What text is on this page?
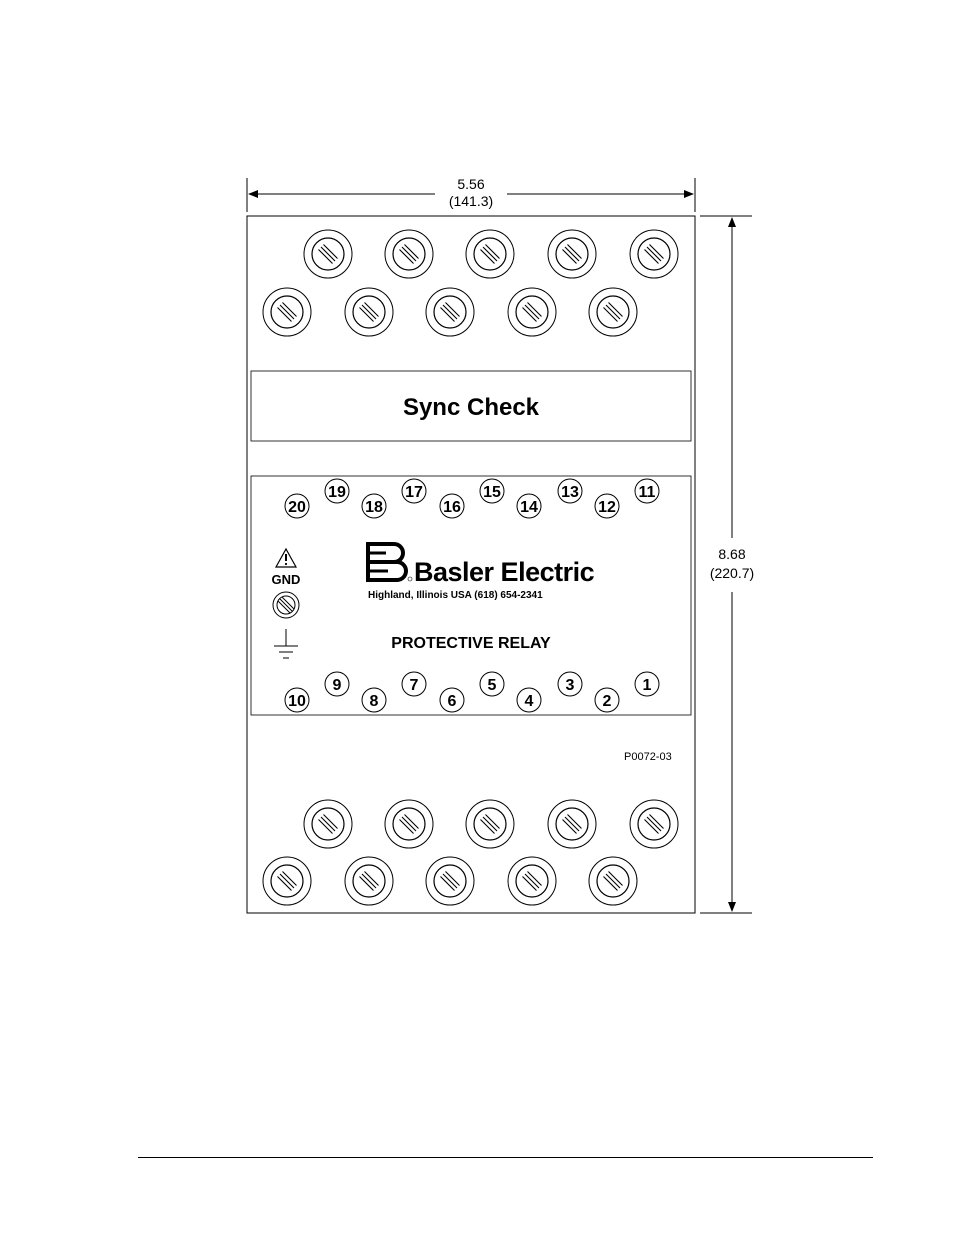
5.56
(141.3)
8.68
(220.7)
Sync Check
20
19
18
17
16
15
14
13
12
11
10
9
8
7
6
5
4
3
2
1
GND	Basler Electric
Highland, Illinois USA (618) 654-2341
PROTECTIVE RELAY
P0072-03
